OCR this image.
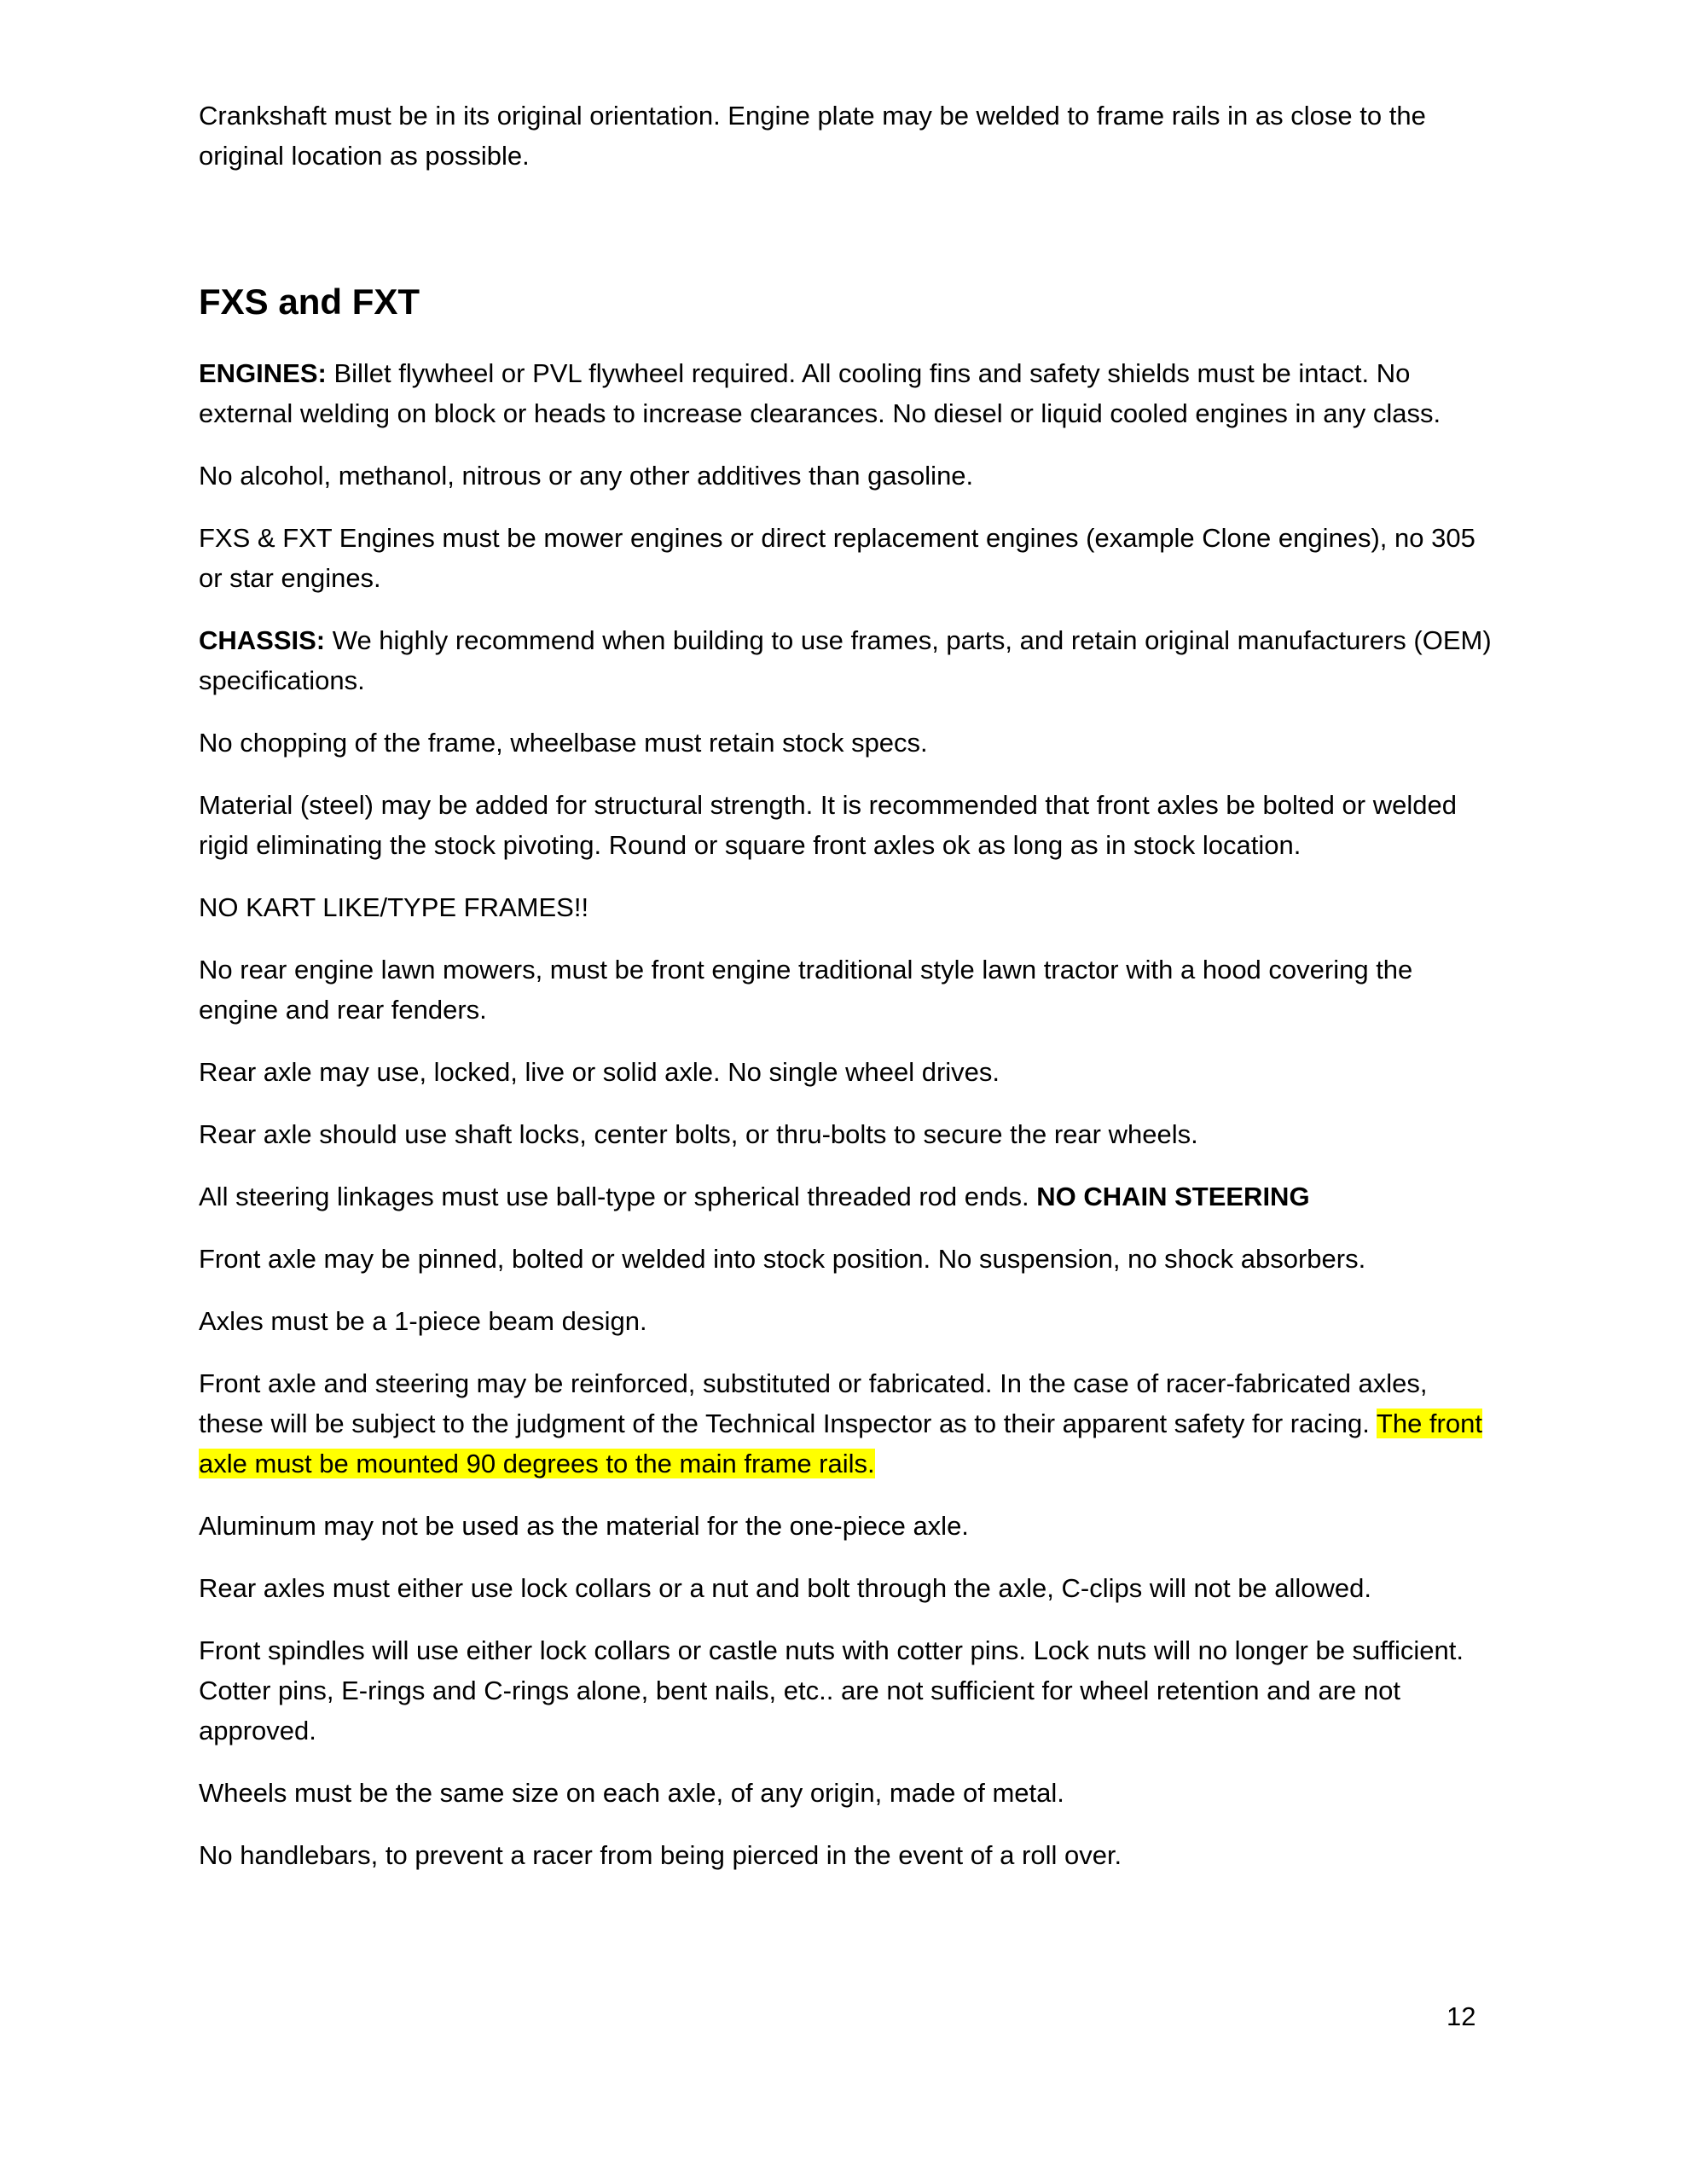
Crankshaft must be in its original orientation. Engine plate may be welded to frame rails in as close to the original location as possible.

FXS and FXT

ENGINES: Billet flywheel or PVL flywheel required. All cooling fins and safety shields must be intact. No external welding on block or heads to increase clearances. No diesel or liquid cooled engines in any class.

No alcohol, methanol, nitrous or any other additives than gasoline.

FXS & FXT Engines must be mower engines or direct replacement engines (example Clone engines), no 305 or star engines.

CHASSIS: We highly recommend when building to use frames, parts, and retain original manufacturers (OEM) specifications.

No chopping of the frame, wheelbase must retain stock specs.

Material (steel) may be added for structural strength. It is recommended that front axles be bolted or welded rigid eliminating the stock pivoting. Round or square front axles ok as long as in stock location.

NO KART LIKE/TYPE FRAMES!!

No rear engine lawn mowers, must be front engine traditional style lawn tractor with a hood covering the engine and rear fenders.

Rear axle may use, locked, live or solid axle. No single wheel drives.

Rear axle should use shaft locks, center bolts, or thru-bolts to secure the rear wheels.

All steering linkages must use ball-type or spherical threaded rod ends. NO CHAIN STEERING

Front axle may be pinned, bolted or welded into stock position. No suspension, no shock absorbers.

Axles must be a 1-piece beam design.

Front axle and steering may be reinforced, substituted or fabricated. In the case of racer-fabricated axles, these will be subject to the judgment of the Technical Inspector as to their apparent safety for racing. The front axle must be mounted 90 degrees to the main frame rails.

Aluminum may not be used as the material for the one-piece axle.

Rear axles must either use lock collars or a nut and bolt through the axle, C-clips will not be allowed.

Front spindles will use either lock collars or castle nuts with cotter pins. Lock nuts will no longer be sufficient. Cotter pins, E-rings and C-rings alone, bent nails, etc.. are not sufficient for wheel retention and are not approved.

Wheels must be the same size on each axle, of any origin, made of metal.

No handlebars, to prevent a racer from being pierced in the event of a roll over.

12
